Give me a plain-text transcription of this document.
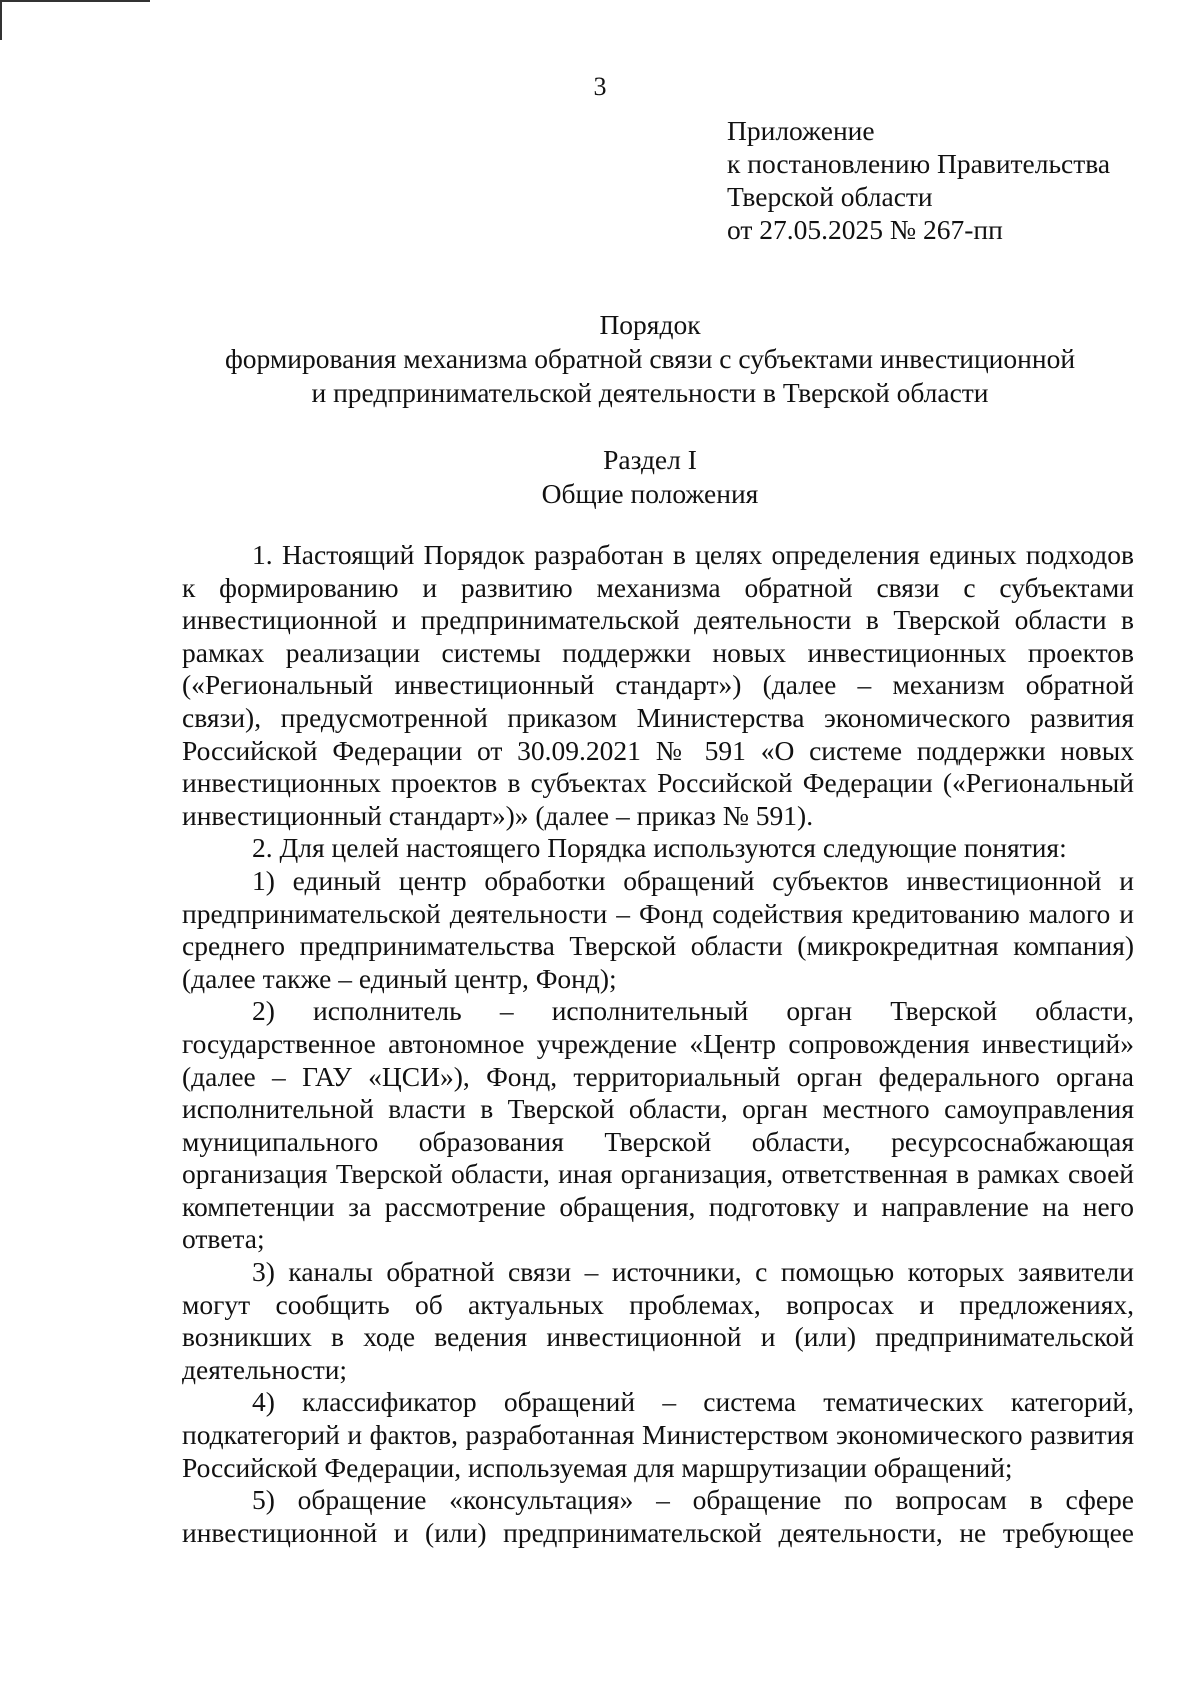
3
Приложение
к постановлению Правительства
Тверской области
от 27.05.2025 № 267-пп
Порядок
формирования механизма обратной связи с субъектами инвестиционной
и предпринимательской деятельности в Тверской области
Раздел I
Общие положения

1. Настоящий Порядок разработан в целях определения единых подходов к формированию и развитию механизма обратной связи с субъектами инвестиционной и предпринимательской деятельности в Тверской области в рамках реализации системы поддержки новых инвестиционных проектов («Региональный инвестиционный стандарт») (далее – механизм обратной связи), предусмотренной приказом Министерства экономического развития Российской Федерации от 30.09.2021 № 591 «О системе поддержки новых инвестиционных проектов в субъектах Российской Федерации («Региональный инвестиционный стандарт»)» (далее – приказ № 591).

2. Для целей настоящего Порядка используются следующие понятия:

1) единый центр обработки обращений субъектов инвестиционной и предпринимательской деятельности – Фонд содействия кредитованию малого и среднего предпринимательства Тверской области (микрокредитная компания) (далее также – единый центр, Фонд);

2) исполнитель – исполнительный орган Тверской области, государственное автономное учреждение «Центр сопровождения инвестиций» (далее – ГАУ «ЦСИ»), Фонд, территориальный орган федерального органа исполнительной власти в Тверской области, орган местного самоуправления муниципального образования Тверской области, ресурсоснабжающая организация Тверской области, иная организация, ответственная в рамках своей компетенции за рассмотрение обращения, подготовку и направление на него ответа;

3) каналы обратной связи – источники, с помощью которых заявители могут сообщить об актуальных проблемах, вопросах и предложениях, возникших в ходе ведения инвестиционной и (или) предпринимательской деятельности;

4) классификатор обращений – система тематических категорий, подкатегорий и фактов, разработанная Министерством экономического развития Российской Федерации, используемая для маршрутизации обращений;

5) обращение «консультация» – обращение по вопросам в сфере инвестиционной и (или) предпринимательской деятельности, не требующее
